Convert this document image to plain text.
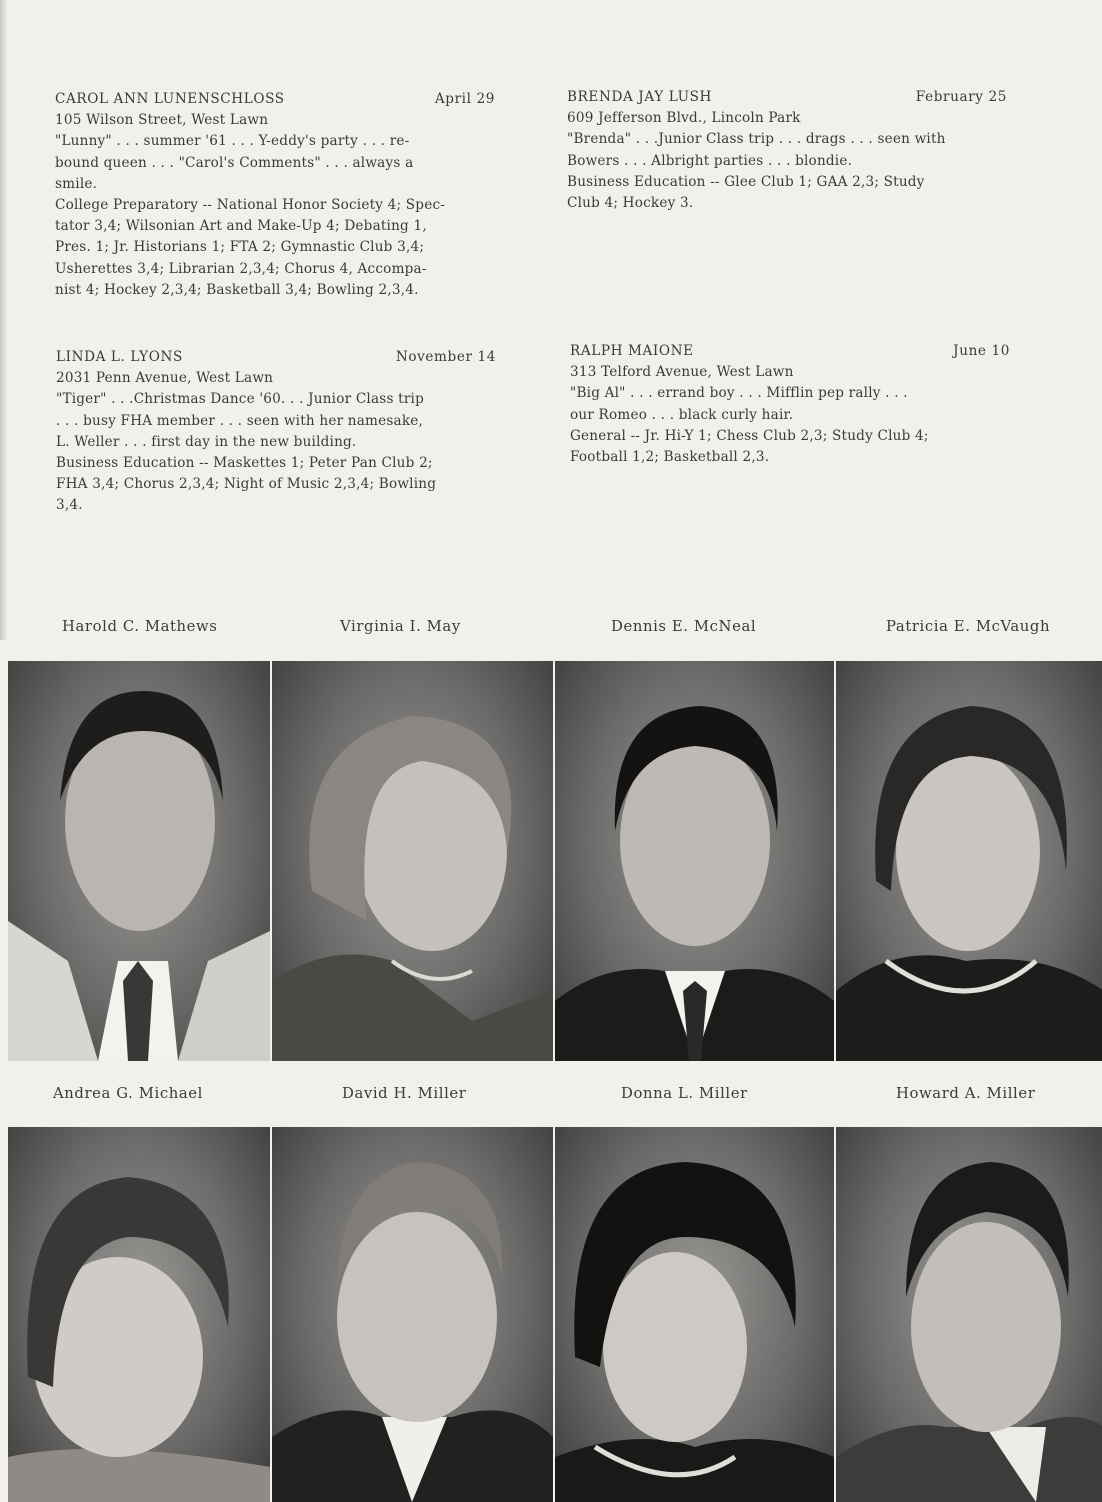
CAROL ANN LUNENSCHLOSS	April 29

105 Wilson Street, West Lawn

"Lunny" . . . summer '61 . . . Y-eddy's party . . . re-

bound queen . . . "Carol's Comments" . . . always a

smile.

College Preparatory -- National Honor Society 4; Spec-

tator 3,4; Wilsonian Art and Make-Up 4; Debating 1,

Pres. 1; Jr. Historians 1; FTA 2; Gymnastic Club 3,4;

Usherettes 3,4; Librarian 2,3,4; Chorus 4, Accompa-

nist 4; Hockey 2,3,4; Basketball 3,4; Bowling 2,3,4.

BRENDA JAY LUSH	February 25

609 Jefferson Blvd., Lincoln Park

"Brenda" . . .Junior Class trip . . . drags . . . seen with

Bowers . . . Albright parties . . . blondie.

Business Education -- Glee Club 1; GAA 2,3; Study

Club 4; Hockey 3.

LINDA L. LYONS	November 14

2031 Penn Avenue, West Lawn

"Tiger" . . .Christmas Dance '60. . . Junior Class trip

. . . busy FHA member . . . seen with her namesake,

L. Weller . . . first day in the new building.

Business Education -- Maskettes 1; Peter Pan Club 2;

FHA 3,4; Chorus 2,3,4; Night of Music 2,3,4; Bowling

3,4.

RALPH MAIONE	June 10

313 Telford Avenue, West Lawn

"Big Al" . . . errand boy . . . Mifflin pep rally . . .

our Romeo . . . black curly hair.

General -- Jr. Hi-Y 1; Chess Club 2,3; Study Club 4;

Football 1,2; Basketball 2,3.

Harold C. Mathews	Virginia I. May	Dennis E. McNeal	Patricia E. McVaugh
Andrea G. Michael	David H. Miller	Donna L. Miller	Howard A. Miller
